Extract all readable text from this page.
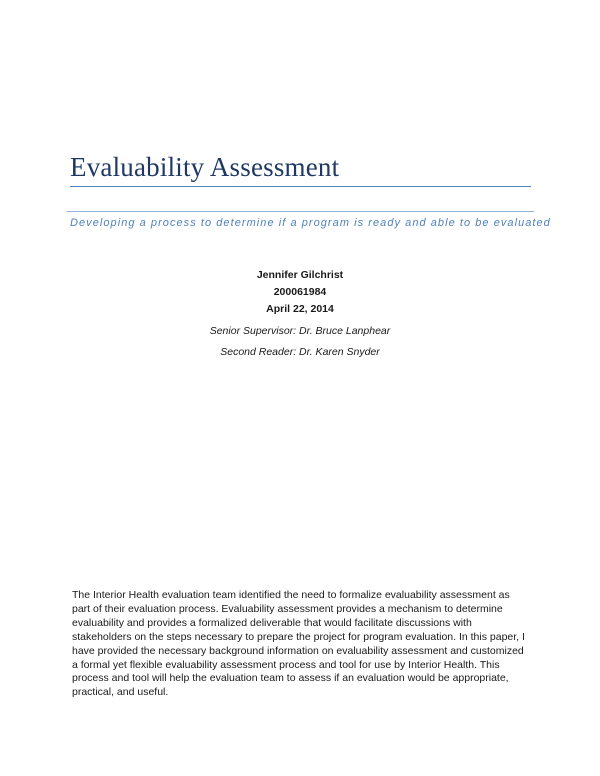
Evaluability Assessment
Developing a process to determine if a program is ready and able to be evaluated
Jennifer Gilchrist
200061984
April 22, 2014
Senior Supervisor: Dr. Bruce Lanphear
Second Reader: Dr. Karen Snyder
The Interior Health evaluation team identified the need to formalize evaluability assessment as part of their evaluation process. Evaluability assessment provides a mechanism to determine evaluability and provides a formalized deliverable that would facilitate discussions with stakeholders on the steps necessary to prepare the project for program evaluation. In this paper, I have provided the necessary background information on evaluability assessment and customized a formal yet flexible evaluability assessment process and tool for use by Interior Health. This process and tool will help the evaluation team to assess if an evaluation would be appropriate, practical, and useful.
